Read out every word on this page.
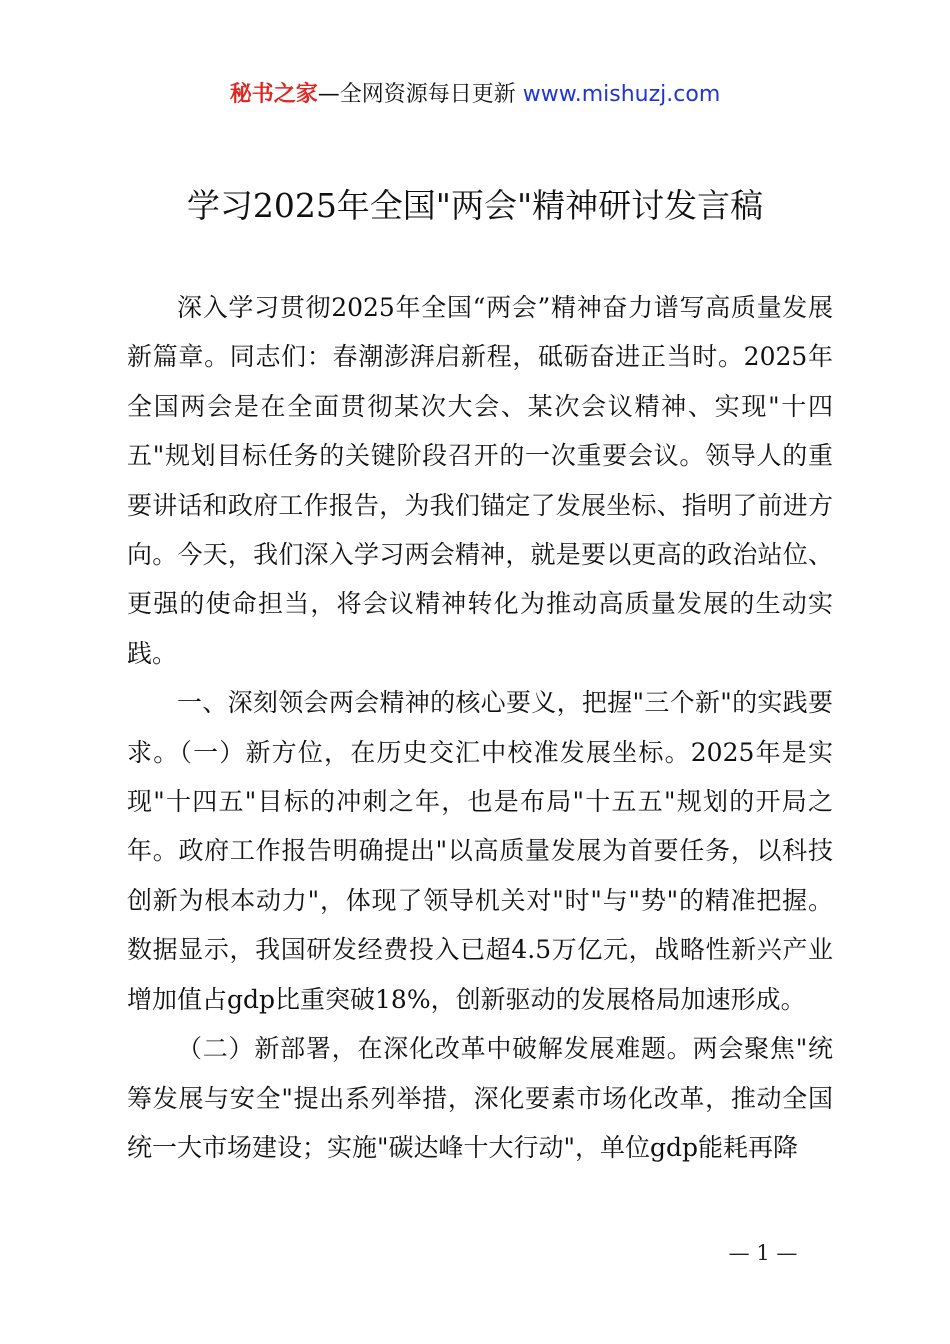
秘书之家—全网资源每日更新 www.mishuzj.com
学习2025年全国"两会"精神研讨发言稿

深入学习贯彻2025年全国“两会”精神奋力谱写高质量发展新篇章。同志们：春潮澎湃启新程，砥砺奋进正当时。2025年全国两会是在全面贯彻某次大会、某次会议精神、实现"十四五"规划目标任务的关键阶段召开的一次重要会议。领导人的重要讲话和政府工作报告，为我们锚定了发展坐标、指明了前进方向。今天，我们深入学习两会精神，就是要以更高的政治站位、更强的使命担当，将会议精神转化为推动高质量发展的生动实践。

一、深刻领会两会精神的核心要义，把握"三个新"的实践要求。（一）新方位，在历史交汇中校准发展坐标。2025年是实现"十四五"目标的冲刺之年，也是布局"十五五"规划的开局之年。政府工作报告明确提出"以高质量发展为首要任务，以科技创新为根本动力"，体现了领导机关对"时"与"势"的精准把握。数据显示，我国研发经费投入已超4.5万亿元，战略性新兴产业增加值占gdp比重突破18%，创新驱动的发展格局加速形成。

（二）新部署，在深化改革中破解发展难题。两会聚焦"统筹发展与安全"提出系列举措，深化要素市场化改革，推动全国统一大市场建设；实施"碳达峰十大行动"，单位gdp能耗再降

— 1 —
